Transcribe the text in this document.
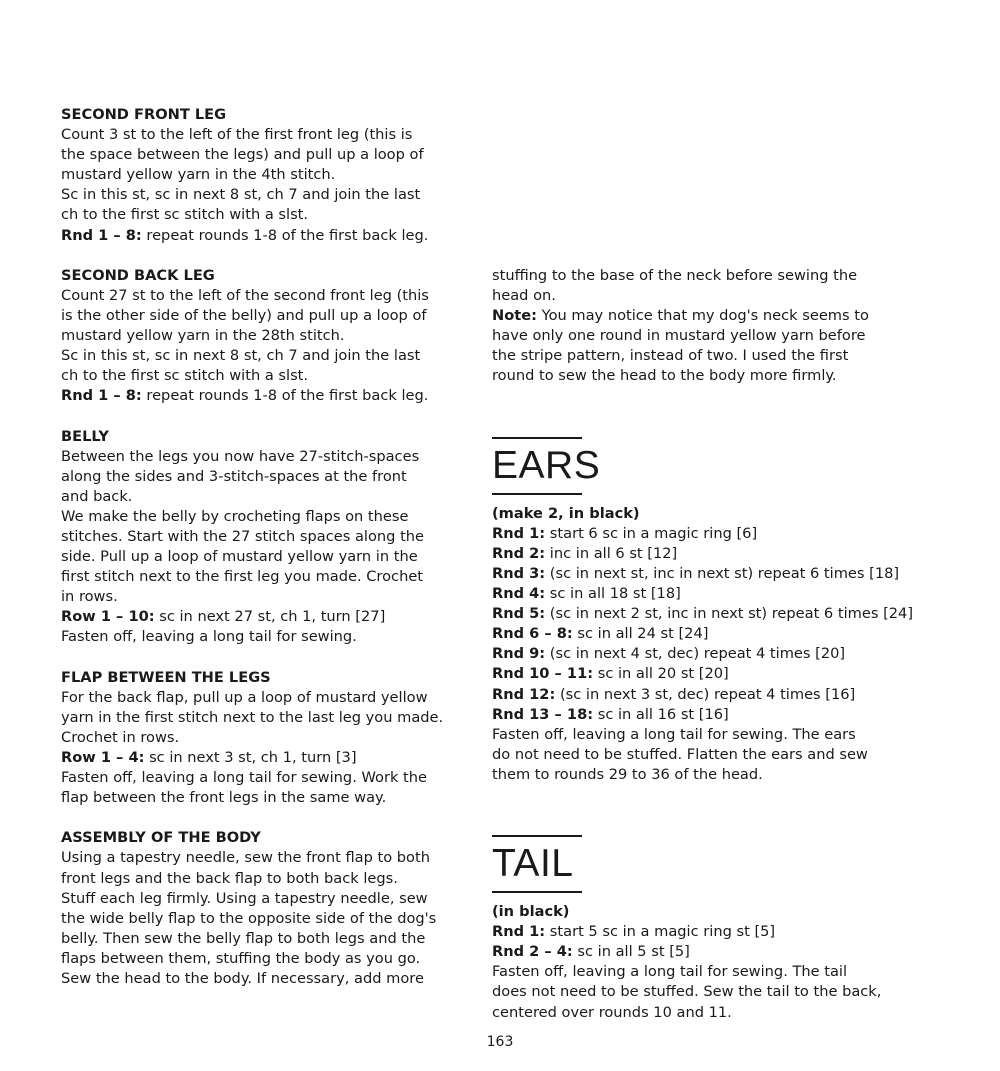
SECOND FRONT LEG
Count 3 st to the left of the first front leg (this is
the space between the legs) and pull up a loop of
mustard yellow yarn in the 4th stitch.
Sc in this st, sc in next 8 st, ch 7 and join the last
ch to the first sc stitch with a slst.
Rnd 1 – 8: repeat rounds 1-8 of the first back leg.
SECOND BACK LEG
Count 27 st to the left of the second front leg (this
is the other side of the belly) and pull up a loop of
mustard yellow yarn in the 28th stitch.
Sc in this st, sc in next 8 st, ch 7 and join the last
ch to the first sc stitch with a slst.
Rnd 1 – 8: repeat rounds 1-8 of the first back leg.
BELLY
Between the legs you now have 27-stitch-spaces
along the sides and 3-stitch-spaces at the front
and back.
We make the belly by crocheting flaps on these
stitches. Start with the 27 stitch spaces along the
side. Pull up a loop of mustard yellow yarn in the
first stitch next to the first leg you made. Crochet
in rows.
Row 1 – 10: sc in next 27 st, ch 1, turn [27]
Fasten off, leaving a long tail for sewing.
FLAP BETWEEN THE LEGS
For the back flap, pull up a loop of mustard yellow
yarn in the first stitch next to the last leg you made.
Crochet in rows.
Row 1 – 4: sc in next 3 st, ch 1, turn [3]
Fasten off, leaving a long tail for sewing. Work the
flap between the front legs in the same way.
ASSEMBLY OF THE BODY
Using a tapestry needle, sew the front flap to both
front legs and the back flap to both back legs.
Stuff each leg firmly. Using a tapestry needle, sew
the wide belly flap to the opposite side of the dog's
belly. Then sew the belly flap to both legs and the
flaps between them, stuffing the body as you go.
Sew the head to the body. If necessary, add more
stuffing to the base of the neck before sewing the
head on.
Note: You may notice that my dog's neck seems to
have only one round in mustard yellow yarn before
the stripe pattern, instead of two. I used the first
round to sew the head to the body more firmly.
EARS
(make 2, in black)
Rnd 1: start 6 sc in a magic ring [6]
Rnd 2: inc in all 6 st [12]
Rnd 3: (sc in next st, inc in next st) repeat 6 times [18]
Rnd 4: sc in all 18 st [18]
Rnd 5: (sc in next 2 st, inc in next st) repeat 6 times [24]
Rnd 6 – 8: sc in all 24 st [24]
Rnd 9: (sc in next 4 st, dec) repeat 4 times [20]
Rnd 10 – 11: sc in all 20 st [20]
Rnd 12: (sc in next 3 st, dec) repeat 4 times [16]
Rnd 13 – 18: sc in all 16 st [16]
Fasten off, leaving a long tail for sewing. The ears
do not need to be stuffed. Flatten the ears and sew
them to rounds 29 to 36 of the head.
TAIL
(in black)
Rnd 1: start 5 sc in a magic ring st [5]
Rnd 2 – 4: sc in all 5 st [5]
Fasten off, leaving a long tail for sewing. The tail
does not need to be stuffed. Sew the tail to the back,
centered over rounds 10 and 11.
163
